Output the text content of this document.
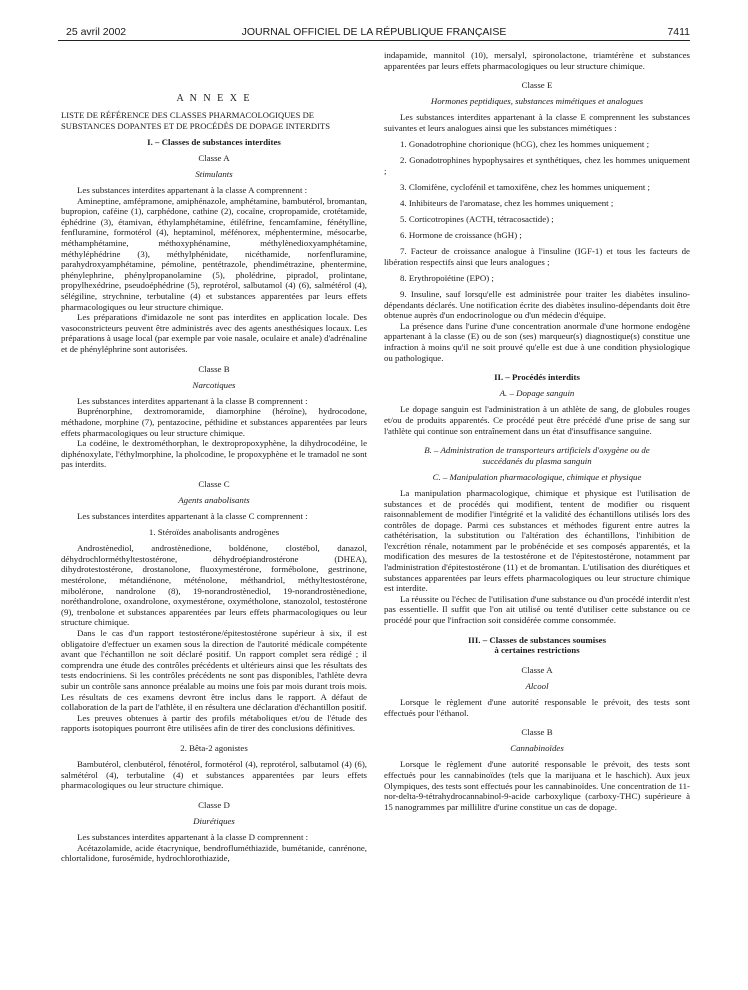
25 avril 2002	JOURNAL OFFICIEL DE LA RÉPUBLIQUE FRANÇAISE	7411

A N N E X E

LISTE DE RÉFÉRENCE DES CLASSES PHARMACOLOGIQUES DE SUBSTANCES DOPANTES ET DE PROCÉDÉS DE DOPAGE INTERDITS

I. – Classes de substances interdites

Classe A

Stimulants

Les substances interdites appartenant à la classe A comprennent :

Amineptine, amfépramone, amiphénazole, amphétamine, bambutérol, bromantan, bupropion, caféine (1), carphédone, cathine (2), cocaïne, cropropamide, crotétamide, éphédrine (3), étamivan, éthylamphétamine, étiléfrine, fencamfamine, fénétylline, fenfluramine, formotérol (4), heptaminol, méfénorex, méphentermine, mésocarbe, méthamphétamine, méthoxyphénamine, méthylènedioxyamphétamine, méthyléphédrine (3), méthylphénidate, nicéthamide, norfenfluramine, parahydroxyamphétamine, pémoline, pentétrazole, phendimétrazine, phentermine, phénylephrine, phénylpropanolamine (5), pholédrine, pipradol, prolintane, propylhexédrine, pseudoéphédrine (5), reprotérol, salbutamol (4) (6), salmétérol (4), sélégiline, strychnine, terbutaline (4) et substances apparentées par leurs effets pharmacologiques ou leur structure chimique.

Les préparations d'imidazole ne sont pas interdites en application locale. Des vasoconstricteurs peuvent être administrés avec des agents anesthésiques locaux. Les préparations à usage local (par exemple par voie nasale, oculaire et anale) d'adrénaline et de phényléphrine sont autorisées.

Classe B

Narcotiques

Les substances interdites appartenant à la classe B comprennent :

Buprénorphine, dextromoramide, diamorphine (héroïne), hydrocodone, méthadone, morphine (7), pentazocine, péthidine et substances apparentées par leurs effets pharmacologiques ou leur structure chimique.

La codéine, le dextrométhorphan, le dextropropoxyphène, la dihydrocodéine, le diphénoxylate, l'éthylmorphine, la pholcodine, le propoxyphène et le tramadol ne sont pas interdits.

Classe C

Agents anabolisants

Les substances interdites appartenant à la classe C comprennent :

1. Stéroïdes anabolisants androgènes

Androstènediol, androstènedione, boldénone, clostébol, danazol, déhydrochlorméthyltestostérone, déhydroépiandrostérone (DHEA), dihydrotestostérone, drostanolone, fluoxymestérone, formébolone, gestrinone, mestérolone, métandiénone, méténolone, méthandriol, méthyltestostérone, mibolérone, nandrolone (8), 19-norandrostènediol, 19-norandrostènedione, noréthandrolone, oxandrolone, oxymestérone, oxymétholone, stanozolol, testostérone (9), trenbolone et substances apparentées par leurs effets pharmacologiques ou leur structure chimique.

Dans le cas d'un rapport testostérone/épitestostérone supérieur à six, il est obligatoire d'effectuer un examen sous la direction de l'autorité médicale compétente avant que l'échantillon ne soit déclaré positif. Un rapport complet sera rédigé ; il comprendra une étude des contrôles précédents et ultérieurs ainsi que les résultats des tests endocriniens. Si les contrôles précédents ne sont pas disponibles, l'athlète devra subir un contrôle sans annonce préalable au moins une fois par mois durant trois mois. Les résultats de ces examens devront être inclus dans le rapport. A défaut de collaboration de la part de l'athlète, il en résultera une déclaration d'échantillon positif.

Les preuves obtenues à partir des profils métaboliques et/ou de l'étude des rapports isotopiques pourront être utilisées afin de tirer des conclusions définitives.

2. Bêta-2 agonistes

Bambutérol, clenbutérol, fénotérol, formotérol (4), reprotérol, salbutamol (4) (6), salmétérol (4), terbutaline (4) et substances apparentées par leurs effets pharmacologiques ou leur structure chimique.

Classe D

Diurétiques

Les substances interdites appartenant à la classe D comprennent :

Acétazolamide, acide étacrynique, bendrofluméthiazide, bumétanide, canrénone, chlortalidone, furosémide, hydrochlorothiazide,

indapamide, mannitol (10), mersalyl, spironolactone, triamtérène et substances apparentées par leurs effets pharmacologiques ou leur structure chimique.

Classe E

Hormones peptidiques, substances mimétiques et analogues

Les substances interdites appartenant à la classe E comprennent les substances suivantes et leurs analogues ainsi que les substances mimétiques :

1. Gonadotrophine chorionique (hCG), chez les hommes uniquement ;

2. Gonadotrophines hypophysaires et synthétiques, chez les hommes uniquement ;

3. Clomifène, cyclofénil et tamoxifène, chez les hommes uniquement ;

4. Inhibiteurs de l'aromatase, chez les hommes uniquement ;

5. Corticotropines (ACTH, tétracosactide) ;

6. Hormone de croissance (hGH) ;

7. Facteur de croissance analogue à l'insuline (IGF-1) et tous les facteurs de libération respectifs ainsi que leurs analogues ;

8. Erythropoïétine (EPO) ;

9. Insuline, sauf lorsqu'elle est administrée pour traiter les diabètes insulino-dépendants déclarés. Une notification écrite des diabètes insulino-dépendants doit être obtenue auprès d'un endocrinologue ou d'un médecin d'équipe.

La présence dans l'urine d'une concentration anormale d'une hormone endogène appartenant à la classe (E) ou de son (ses) marqueur(s) diagnostique(s) constitue une infraction à moins qu'il ne soit prouvé qu'elle est due à une condition physiologique ou pathologique.

II. – Procédés interdits

A. – Dopage sanguin

Le dopage sanguin est l'administration à un athlète de sang, de globules rouges et/ou de produits apparentés. Ce procédé peut être précédé d'une prise de sang sur l'athlète qui continue son entraînement dans un état d'insuffisance sanguine.

B. – Administration de transporteurs artificiels d'oxygène ou de succédanés du plasma sanguin

C. – Manipulation pharmacologique, chimique et physique

La manipulation pharmacologique, chimique et physique est l'utilisation de substances et de procédés qui modifient, tentent de modifier ou risquent raisonnablement de modifier l'intégrité et la validité des échantillons utilisés lors des contrôles de dopage. Parmi ces substances et méthodes figurent entre autres la cathétérisation, la substitution ou l'altération des échantillons, l'inhibition de l'excrétion rénale, notamment par le probénécide et ses composés apparentés, et la modification des mesures de la testostérone et de l'épitestostérone, notamment par l'administration d'épitestostérone (11) et de bromantan. L'utilisation des diurétiques et substances apparentées par leurs effets pharmacologiques ou leur structure chimique est interdite.

La réussite ou l'échec de l'utilisation d'une substance ou d'un procédé interdit n'est pas essentielle. Il suffit que l'on ait utilisé ou tenté d'utiliser cette substance ou ce procédé pour que l'infraction soit considérée comme consommée.

III. – Classes de substances soumises

à certaines restrictions

Classe A

Alcool

Lorsque le règlement d'une autorité responsable le prévoit, des tests sont effectués pour l'éthanol.

Classe B

Cannabinoïdes

Lorsque le règlement d'une autorité responsable le prévoit, des tests sont effectués pour les cannabinoïdes (tels que la marijuana et le haschich). Aux jeux Olympiques, des tests sont effectués pour les cannabinoïdes. Une concentration de 11-nor-delta-9-tétrahydrocannabinol-9-acide carboxylique (carboxy-THC) supérieure à 15 nanogrammes par millilitre d'urine constitue un cas de dopage.
